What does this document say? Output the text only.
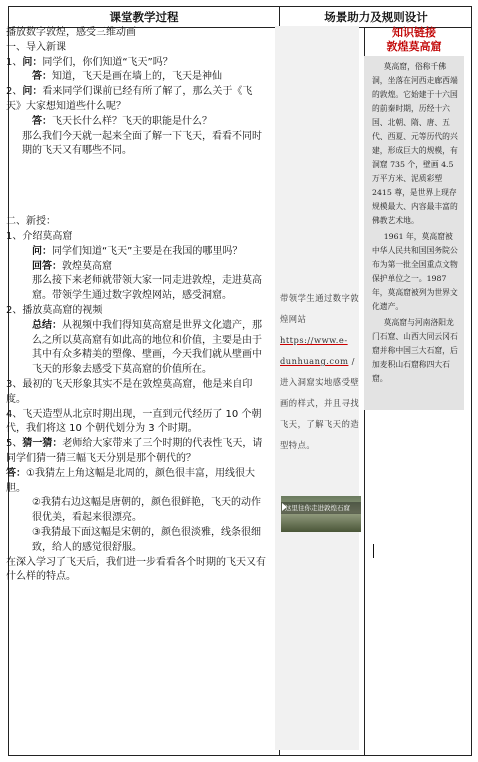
课堂教学过程	场景助力及规则设计

播放数字敦煌，感受三维动画

一、导入新课

1、问：同学们，你们知道“飞天”吗？

答：知道，飞天是画在墙上的，飞天是神仙

2、问：看来同学们课前已经有所了解了，那么关于《飞天》大家想知道些什么呢？

答：飞天长什么样？飞天的职能是什么？

那么我们今天就一起来全面了解一下飞天，看看不同时期的飞天又有哪些不同。

二、新授：

1、介绍莫高窟

问：同学们知道“飞天”主要是在我国的哪里吗？

回答：敦煌莫高窟

那么接下来老师就带领大家一同走进敦煌，走进莫高窟。带领学生通过数字敦煌网站，感受洞窟。

2、播放莫高窟的视频

总结：从视频中我们得知莫高窟是世界文化遗产，那么之所以莫高窟有如此高的地位和价值，主要是由于其中有众多精美的塑像、壁画，今天我们就从壁画中飞天的形象去感受下莫高窟的价值所在。

3、最初的飞天形象其实不是在敦煌莫高窟，他是来自印度。

4、飞天造型从北京时期出现，一直到元代经历了 10 个朝代，我们将这 10 个朝代划分为 3 个时期。

5、猜一猜：老师给大家带来了三个时期的代表性飞天，请同学们猜一猜三幅飞天分别是那个朝代的？

答：①我猜左上角这幅是北周的，颜色很丰富，用线很大胆。

②我猜右边这幅是唐朝的，颜色很鲜艳，飞天的动作很优美，看起来很漂亮。

③我猜最下面这幅是宋朝的，颜色很淡雅，线条很细致，给人的感觉很舒服。

在深入学习了飞天后，我们进一步看看各个时期的飞天又有什么样的特点。

带领学生通过数字敦煌网站 https://www.e-dunhuang.com /进入洞窟实地感受壁画的样式，并且寻找飞天，了解飞天的造型特点。
这里往你走进敦煌石窟
知识链接
敦煌莫高窟

莫高窟，俗称千佛洞，坐落在河西走廊西端的敦煌。它始建于十六国的前秦时期，历经十六国、北朝、隋、唐、五代、西夏、元等历代的兴建，形成巨大的规模，有洞窟 735 个，壁画 4.5 万平方米、泥质彩塑 2415 尊，是世界上现存规模最大、内容最丰富的佛教艺术地。

1961 年，莫高窟被中华人民共和国国务院公布为第一批全国重点文物保护单位之一。1987 年，莫高窟被列为世界文化遗产。

莫高窟与河南洛阳龙门石窟、山西大同云冈石窟并称中国三大石窟，后加麦积山石窟称四大石窟。
